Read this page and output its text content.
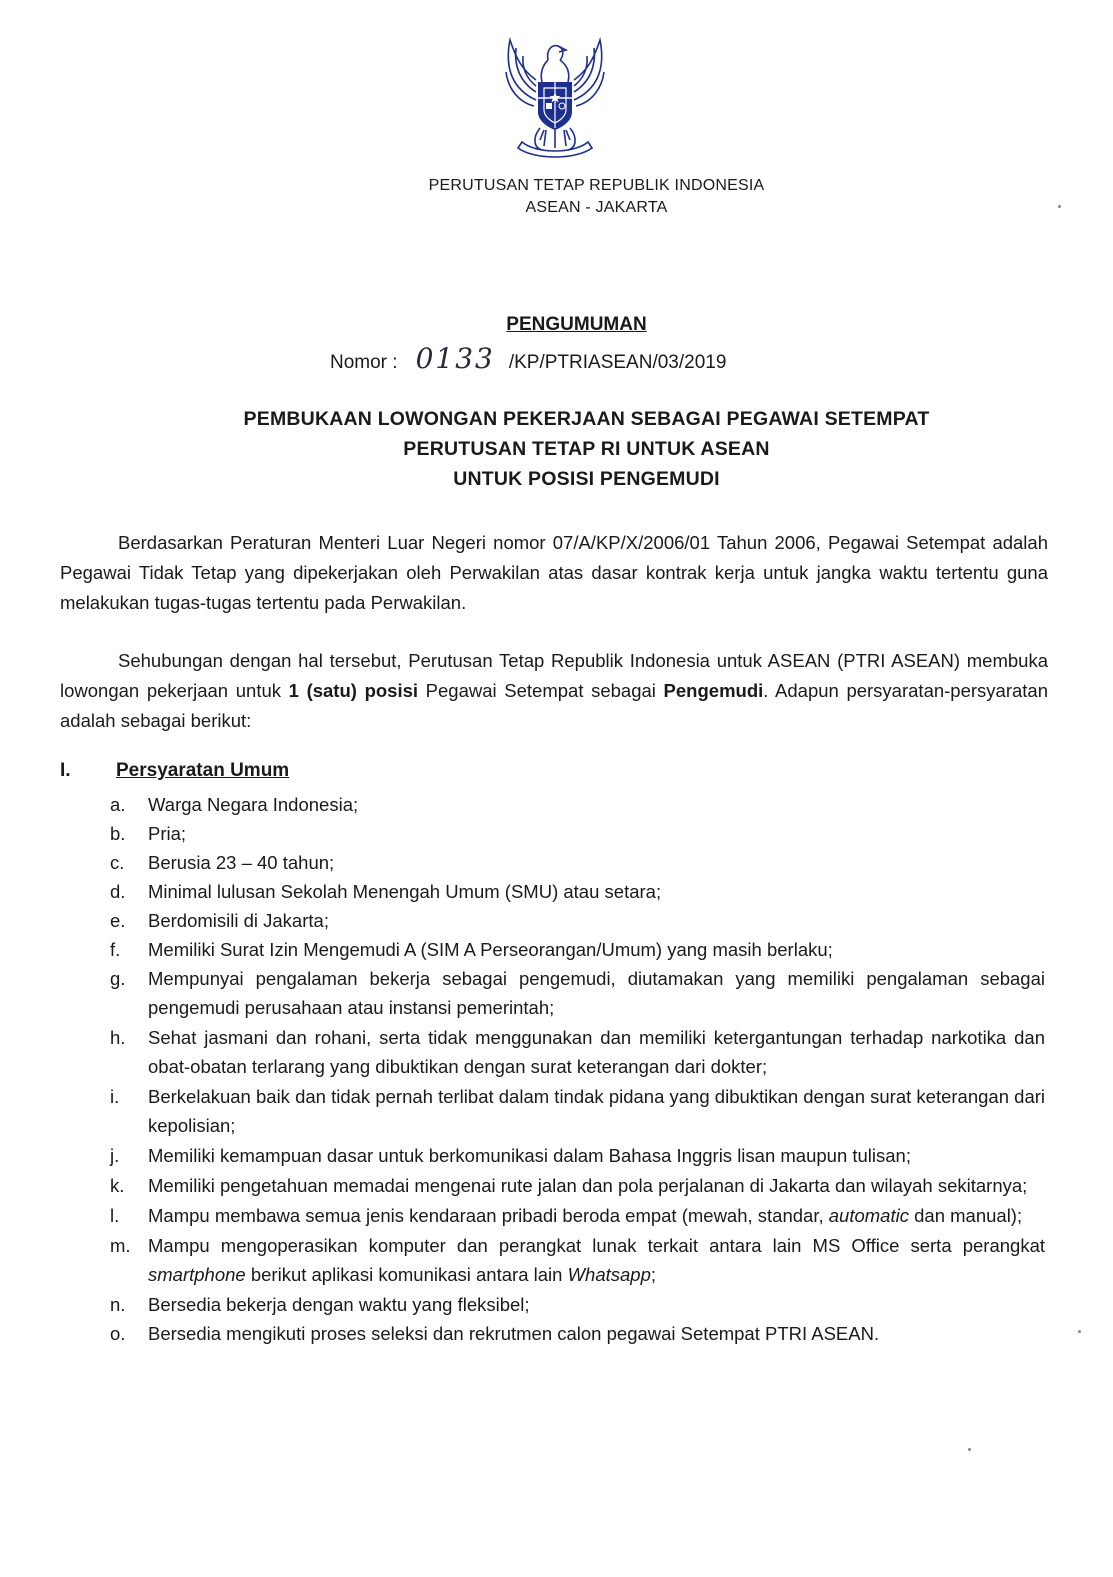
PERUTUSAN TETAP REPUBLIK INDONESIA
ASEAN - JAKARTA
PENGUMUMAN
Nomor : 0133 /KP/PTRIASEAN/03/2019
PEMBUKAAN LOWONGAN PEKERJAAN SEBAGAI PEGAWAI SETEMPAT
PERUTUSAN TETAP RI UNTUK ASEAN
UNTUK POSISI PENGEMUDI
Berdasarkan Peraturan Menteri Luar Negeri nomor 07/A/KP/X/2006/01 Tahun 2006, Pegawai Setempat adalah Pegawai Tidak Tetap yang dipekerjakan oleh Perwakilan atas dasar kontrak kerja untuk jangka waktu tertentu guna melakukan tugas-tugas tertentu pada Perwakilan.
Sehubungan dengan hal tersebut, Perutusan Tetap Republik Indonesia untuk ASEAN (PTRI ASEAN) membuka lowongan pekerjaan untuk 1 (satu) posisi Pegawai Setempat sebagai Pengemudi. Adapun persyaratan-persyaratan adalah sebagai berikut:
I. Persyaratan Umum
a.	Warga Negara Indonesia;
b.	Pria;
c.	Berusia 23 – 40 tahun;
d.	Minimal lulusan Sekolah Menengah Umum (SMU) atau setara;
e.	Berdomisili di Jakarta;
f.	Memiliki Surat Izin Mengemudi A (SIM A Perseorangan/Umum) yang masih berlaku;
g.	Mempunyai pengalaman bekerja sebagai pengemudi, diutamakan yang memiliki pengalaman sebagai pengemudi perusahaan atau instansi pemerintah;
h.	Sehat jasmani dan rohani, serta tidak menggunakan dan memiliki ketergantungan terhadap narkotika dan obat-obatan terlarang yang dibuktikan dengan surat keterangan dari dokter;
i.	Berkelakuan baik dan tidak pernah terlibat dalam tindak pidana yang dibuktikan dengan surat keterangan dari kepolisian;
j.	Memiliki kemampuan dasar untuk berkomunikasi dalam Bahasa Inggris lisan maupun tulisan;
k.	Memiliki pengetahuan memadai mengenai rute jalan dan pola perjalanan di Jakarta dan wilayah sekitarnya;
l.	Mampu membawa semua jenis kendaraan pribadi beroda empat (mewah, standar, automatic dan manual);
m. Mampu mengoperasikan komputer dan perangkat lunak terkait antara lain MS Office serta perangkat smartphone berikut aplikasi komunikasi antara lain Whatsapp;
n.	Bersedia bekerja dengan waktu yang fleksibel;
o.	Bersedia mengikuti proses seleksi dan rekrutmen calon pegawai Setempat PTRI ASEAN.
